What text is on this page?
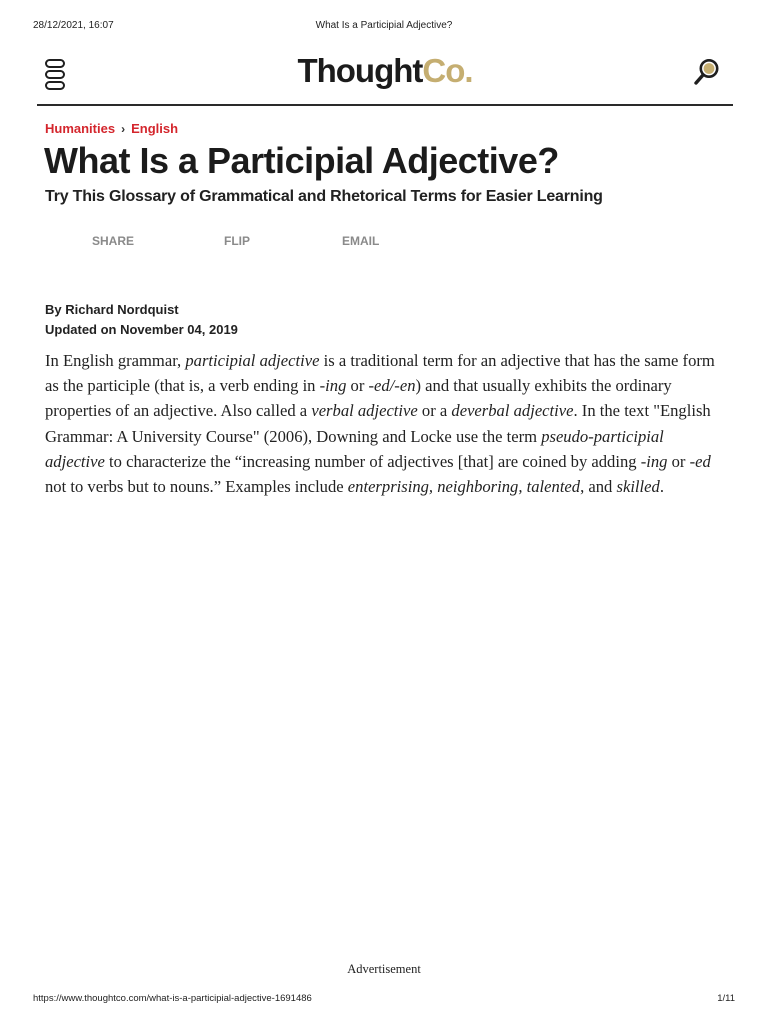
28/12/2021, 16:07	What Is a Participial Adjective?
ThoughtCo.
Humanities › English
What Is a Participial Adjective?
Try This Glossary of Grammatical and Rhetorical Terms for Easier Learning
SHARE	FLIP	EMAIL
By Richard Nordquist
Updated on November 04, 2019

In English grammar, participial adjective is a traditional term for an adjective that has the same form as the participle (that is, a verb ending in -ing or -ed/-en) and that usually exhibits the ordinary properties of an adjective. Also called a verbal adjective or a deverbal adjective. In the text "English Grammar: A University Course" (2006), Downing and Locke use the term pseudo-participial adjective to characterize the “increasing number of adjectives [that] are coined by adding -ing or -ed not to verbs but to nouns.” Examples include enterprising, neighboring, talented, and skilled.

Advertisement
https://www.thoughtco.com/what-is-a-participial-adjective-1691486	1/11
